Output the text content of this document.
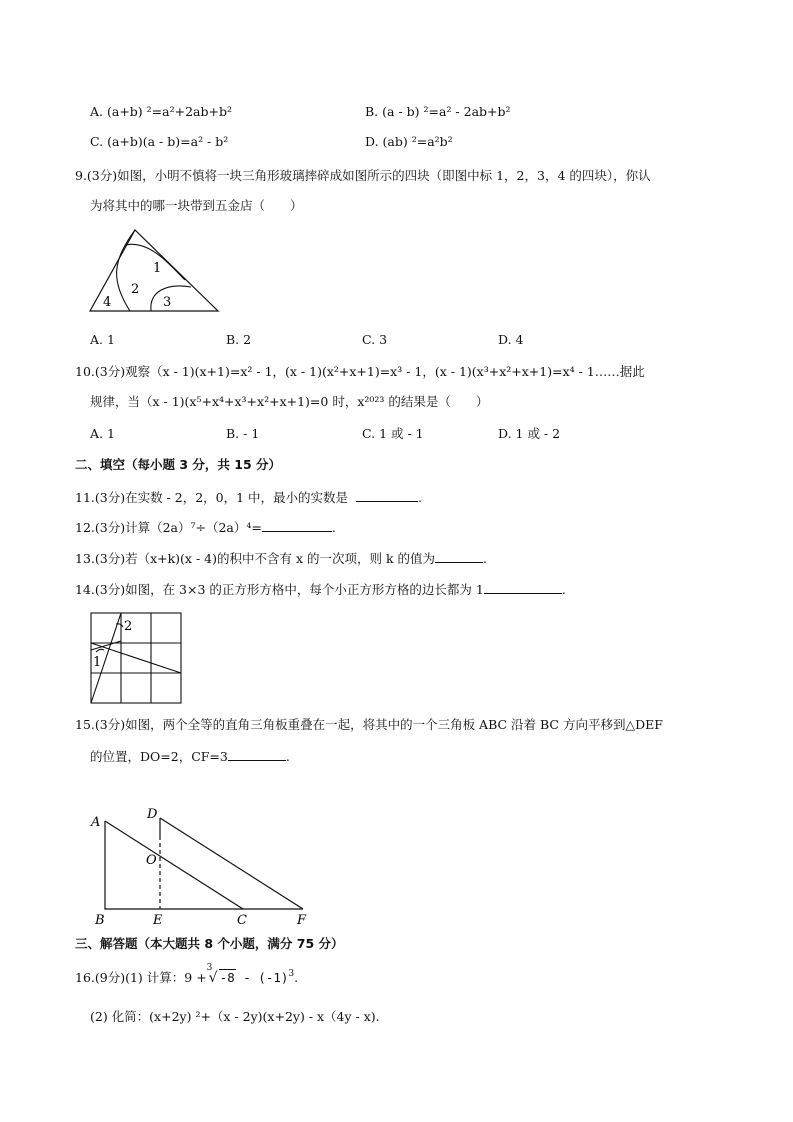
A. (a+b) ²=a²+2ab+b²	B. (a - b) ²=a² - 2ab+b²
C. (a+b)(a - b)=a² - b²	D. (ab) ²=a²b²
9.(3分)如图，小明不慎将一块三角形玻璃摔碎成如图所示的四块（即图中标 1，2，3，4 的四块），你认
为将其中的哪一块带到五金店（　　）
1
2
3
4
A. 1	B. 2	C. 3	D. 4
10.(3分)观察（x - 1)(x+1)=x² - 1，(x - 1)(x²+x+1)=x³ - 1，(x - 1)(x³+x²+x+1)=x⁴ - 1……据此
规律，当（x - 1)(x⁵+x⁴+x³+x²+x+1)=0 时，x²⁰²³ 的结果是（　　）
A. 1	B. - 1	C. 1 或 - 1	D. 1 或 - 2
二、填空（每小题 3 分，共 15 分）
11.(3分)在实数 - 2，2，0，1 中，最小的实数是	.
12.(3分)计算（2a）⁷÷（2a）⁴=	.
13.(3分)若（x+k)(x - 4)的积中不含有 x 的一次项，则 k 的值为	.
14.(3分)如图，在 3×3 的正方形方格中，每个小正方形方格的边长都为 1	.
1
2
15.(3分)如图，两个全等的直角三角板重叠在一起，将其中的一个三角板 ABC 沿着 BC 方向平移到△DEF
的位置，DO=2，CF=3	.
A
D
O
B	E	C	F
三、解答题（本大题共 8 个小题，满分 75 分）
16.(9分)(1) 计算：9 +
3
√ $-8 - (-1)^3$.
(2) 化简：(x+2y) ²+（x - 2y)(x+2y) - x（4y - x).
